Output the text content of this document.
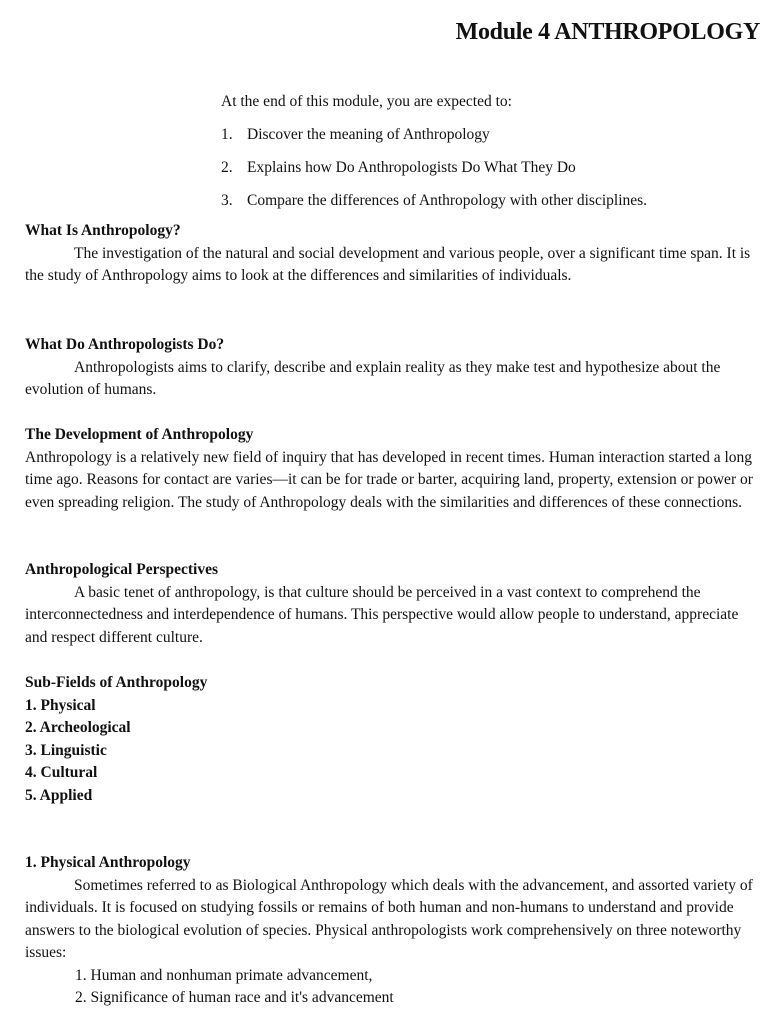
Module 4 ANTHROPOLOGY

At the end of this module, you are expected to:

1. Discover the meaning of Anthropology
2. Explains how Do Anthropologists Do What They Do
3. Compare the differences of Anthropology with other disciplines.
What Is Anthropology?

The investigation of the natural and social development and various people, over a significant time span. It is the study of Anthropology aims to look at the differences and similarities of individuals.

What Do Anthropologists Do?

Anthropologists aims to clarify, describe and explain reality as they make test and hypothesize about the evolution of humans.

The Development of Anthropology

Anthropology is a relatively new field of inquiry that has developed in recent times. Human interaction started a long time ago. Reasons for contact are varies—it can be for trade or barter, acquiring land, property, extension or power or even spreading religion. The study of Anthropology deals with the similarities and differences of these connections.

Anthropological Perspectives

A basic tenet of anthropology, is that culture should be perceived in a vast context to comprehend the interconnectedness and interdependence of humans. This perspective would allow people to understand, appreciate and respect different culture.

Sub-Fields of Anthropology
1. Physical
2. Archeological
3. Linguistic
4. Cultural
5. Applied
1. Physical Anthropology

Sometimes referred to as Biological Anthropology which deals with the advancement, and assorted variety of individuals. It is focused on studying fossils or remains of both human and non-humans to understand and provide answers to the biological evolution of species. Physical anthropologists work comprehensively on three noteworthy issues:

1. Human and nonhuman primate advancement,
2. Significance of human race and it's advancement
